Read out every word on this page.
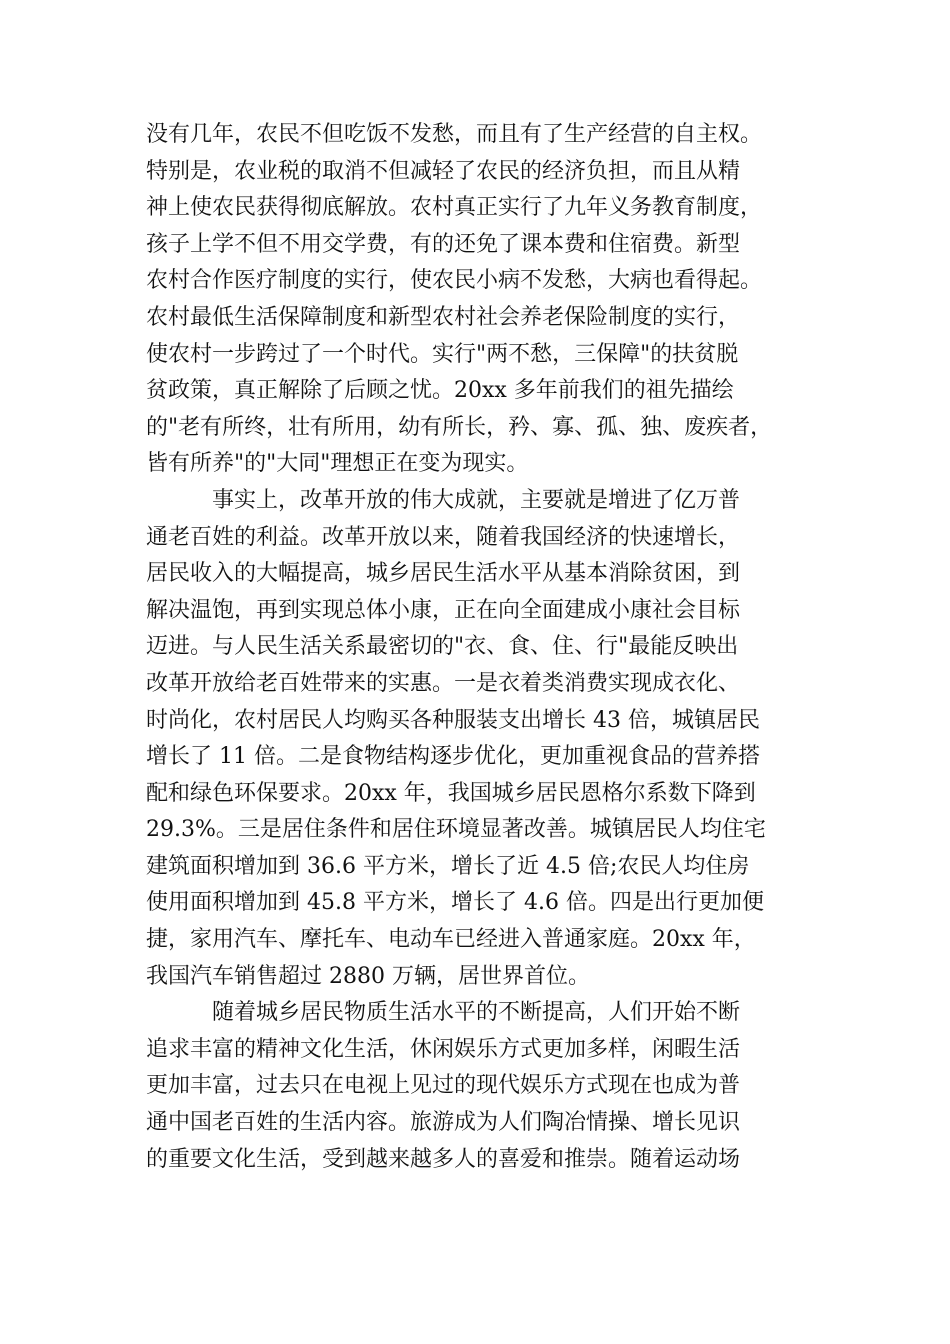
没有几年，农民不但吃饭不发愁，而且有了生产经营的自主权。
特别是，农业税的取消不但减轻了农民的经济负担，而且从精
神上使农民获得彻底解放。农村真正实行了九年义务教育制度，
孩子上学不但不用交学费，有的还免了课本费和住宿费。新型
农村合作医疗制度的实行，使农民小病不发愁，大病也看得起。
农村最低生活保障制度和新型农村社会养老保险制度的实行，
使农村一步跨过了一个时代。实行"两不愁，三保障"的扶贫脱
贫政策，真正解除了后顾之忧。20xx 多年前我们的祖先描绘
的"老有所终，壮有所用，幼有所长，矜、寡、孤、独、废疾者，
皆有所养"的"大同"理想正在变为现实。
事实上，改革开放的伟大成就，主要就是增进了亿万普
通老百姓的利益。改革开放以来，随着我国经济的快速增长，
居民收入的大幅提高，城乡居民生活水平从基本消除贫困，到
解决温饱，再到实现总体小康，正在向全面建成小康社会目标
迈进。与人民生活关系最密切的"衣、食、住、行"最能反映出
改革开放给老百姓带来的实惠。一是衣着类消费实现成衣化、
时尚化，农村居民人均购买各种服装支出增长 43 倍，城镇居民
增长了 11 倍。二是食物结构逐步优化，更加重视食品的营养搭
配和绿色环保要求。20xx 年，我国城乡居民恩格尔系数下降到
29.3%。三是居住条件和居住环境显著改善。城镇居民人均住宅
建筑面积增加到 36.6 平方米，增长了近 4.5 倍;农民人均住房
使用面积增加到 45.8 平方米，增长了 4.6 倍。四是出行更加便
捷，家用汽车、摩托车、电动车已经进入普通家庭。20xx 年，
我国汽车销售超过 2880 万辆，居世界首位。
随着城乡居民物质生活水平的不断提高，人们开始不断
追求丰富的精神文化生活，休闲娱乐方式更加多样，闲暇生活
更加丰富，过去只在电视上见过的现代娱乐方式现在也成为普
通中国老百姓的生活内容。旅游成为人们陶冶情操、增长见识
的重要文化生活，受到越来越多人的喜爱和推崇。随着运动场
